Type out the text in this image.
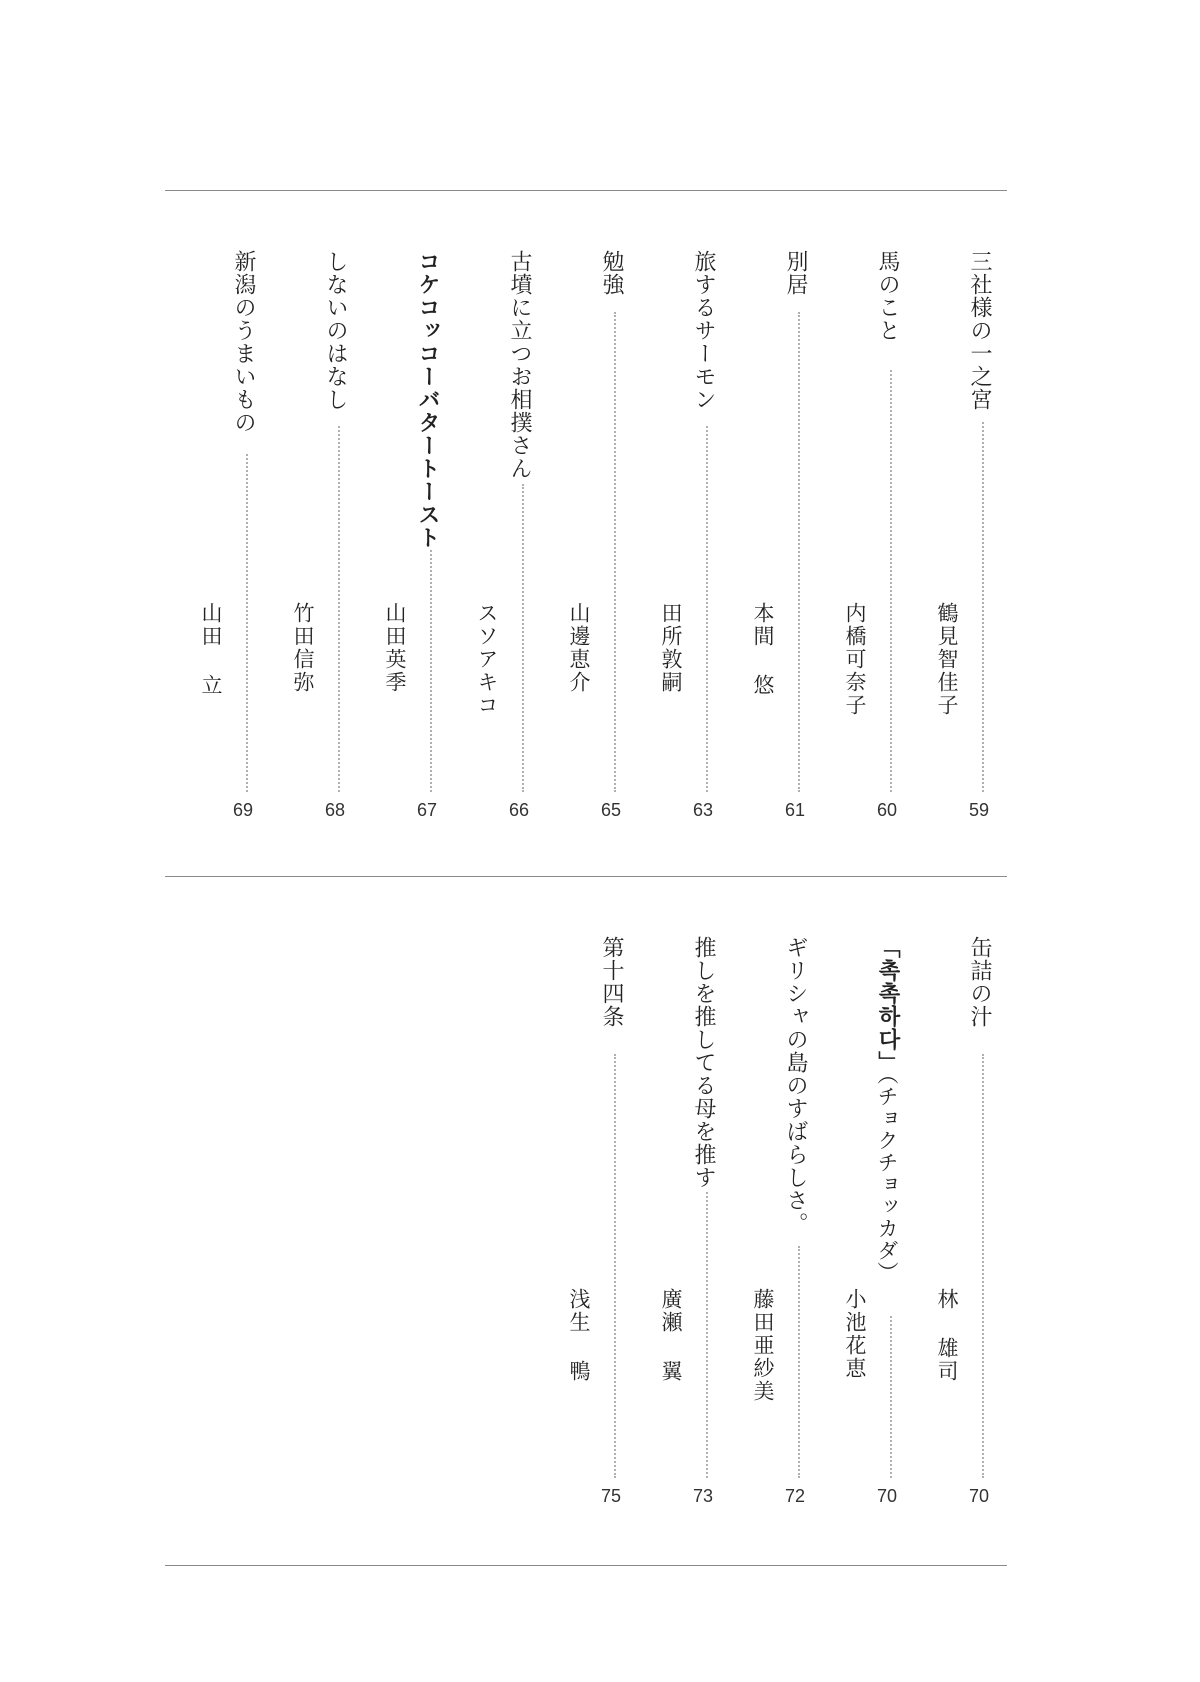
三社様の一之宮
鶴見智佳子
59
馬のこと
内橋可奈子
60
別居
本間 悠
61
旅するサーモン
田所敦嗣
63
勉強
山邊恵介
65
古墳に立つお相撲さん
スソアキコ
66
コケコッコーバタートースト
山田英季
67
しないのはなし
竹田信弥
68
新潟のうまいもの
山田 立
69
缶詰の汁
林 雄司
70
「촉촉하다」（チョクチョッカダ）
小池花恵
70
ギリシャの島のすばらしさ。
藤田亜紗美
72
推しを推してる母を推す
廣瀬 翼
73
第十四条
浅生 鴨
75
